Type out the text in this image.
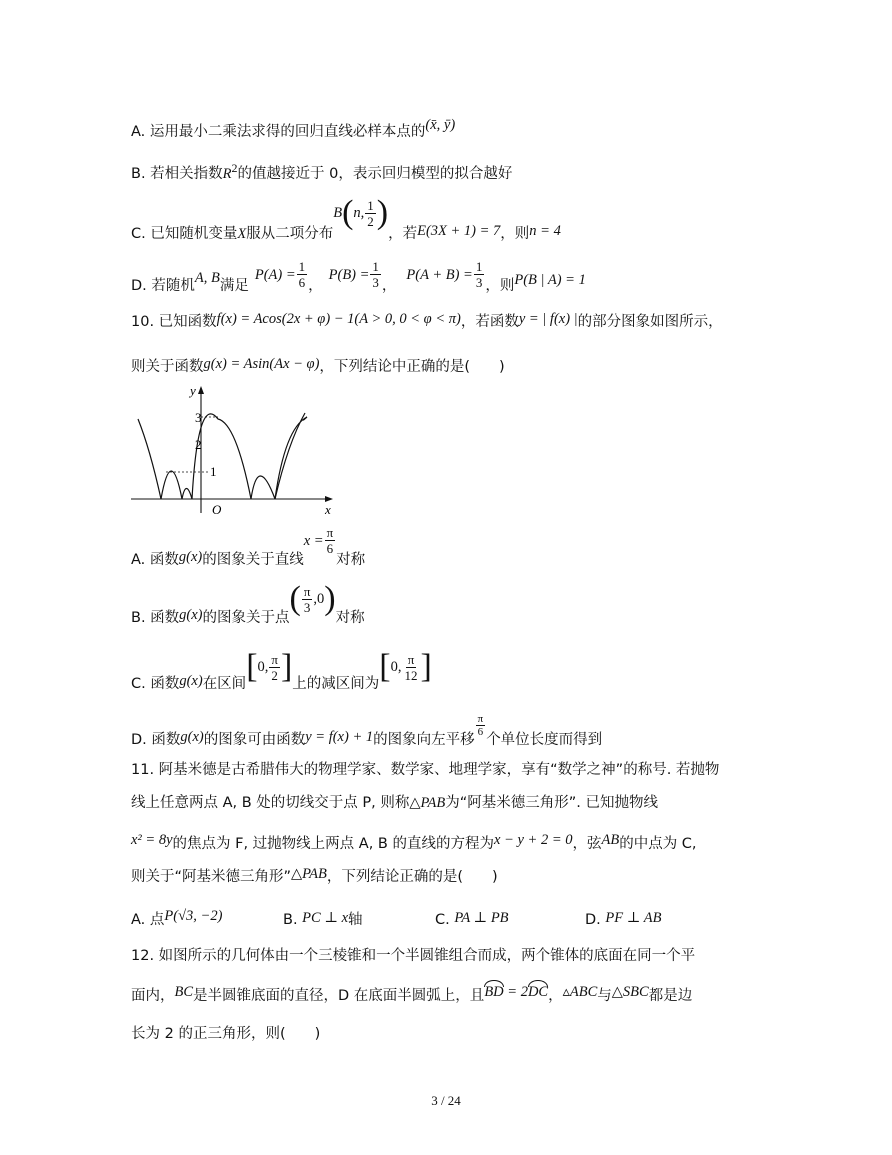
A. 运用最小二乘法求得的回归直线必样本点的(x̄, ȳ)
B. 若相关指数$R^2$的值越接近于 0，表示回归模型的拟合越好
C. 已知随机变量 X 服从二项分布
B ( n, $\frac{1}{2}$ )
，若 E(3X + 1) = 7 ，则 n = 4
D. 若随机 A, B 满足
$P(A) = \frac{1}{6}$ ，
$P(B) = \frac{1}{3}$ ，
$P(A + B) = \frac{1}{3}$ ，则 P(B | A) = 1
10. 已知函数f(x) = Acos(2x + φ) − 1(A > 0, 0 < φ < π)，若函数y = | f(x) |的部分图象如图所示，
则关于函数g(x) = Asin(Ax − φ)，下列结论中正确的是(　　)
O
y
x
3
2
1
A. 函数 g(x) 的图象关于直线
$x = \frac{\pi}{6}$
对称
B. 函数 g(x) 的图象关于点
( $\frac{\pi}{3} ,0$ )
对称
C. 函数 g(x) 在区间 [ 0, $\frac{\pi}{2}$ ] 上的减区间为 [ 0, $\frac{\pi}{12}$ ]
D. 函数 g(x) 的图象可由函数 y = f(x) + 1 的图象向左平移
$\frac{\pi}{6}$
个单位长度而得到
11. 阿基米德是古希腊伟大的物理学家、数学家、地理学家，享有“数学之神”的称号. 若抛物
线上任意两点 A, B 处的切线交于点 P, 则称△PAB为“阿基米德三角形”. 已知抛物线
x² = 8y的焦点为 F, 过抛物线上两点 A, B 的直线的方程为x − y + 2 = 0，弦AB的中点为 C,
则关于“阿基米德三角形”△PAB，下列结论正确的是(　　)
A. 点P(√3, −2)	B. PC ⊥ x轴	C. PA ⊥ PB	D. PF ⊥ AB
12. 如图所示的几何体由一个三棱锥和一个半圆锥组合而成，两个锥体的底面在同一个平
面内，BC是半圆锥底面的直径，D 在底面半圆弧上，且
BD = 2
DC，▵ABC与△SBC都是边
长为 2 的正三角形，则(　　)
3 / 24
